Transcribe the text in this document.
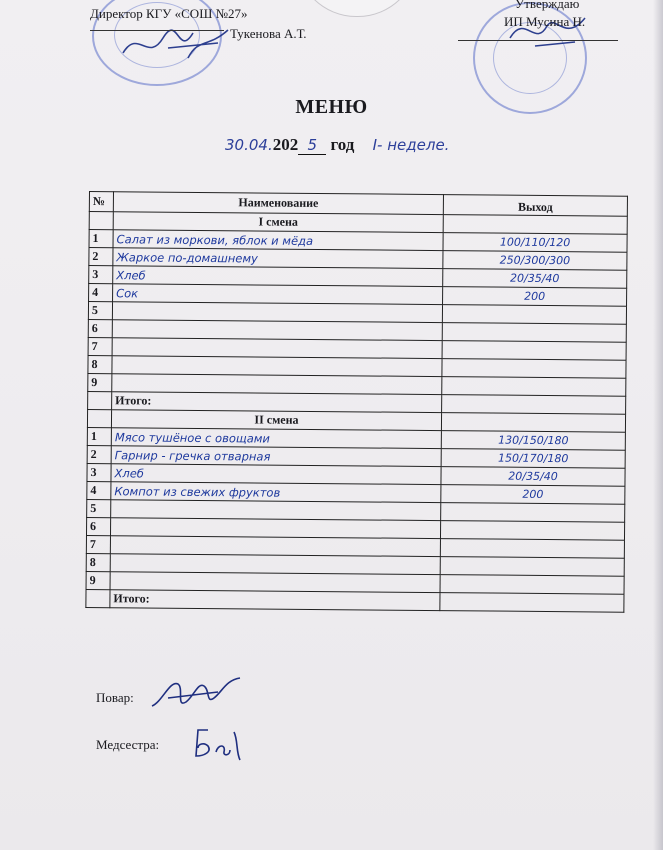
Директор КГУ «СОШ №27»
Тукенова А.Т.
Утверждаю
ИП Мусина Н.
МЕНЮ
30.04.202 5 год I- неделе.
№	Наименование	Выход
	I смена	
1	Салат из моркови, яблок и мёда	100/110/120
2	Жаркое по-домашнему	250/300/300
3	Хлеб	20/35/40
4	Сок	200
5		
6		
7		
8		
9		
	Итого:	
	II смена	
1	Мясо тушёное с овощами	130/150/180
2	Гарнир - гречка отварная	150/170/180
3	Хлеб	20/35/40
4	Компот из свежих фруктов	200
5		
6		
7		
8		
9		
	Итого:	
Повар:
Медсестра:
